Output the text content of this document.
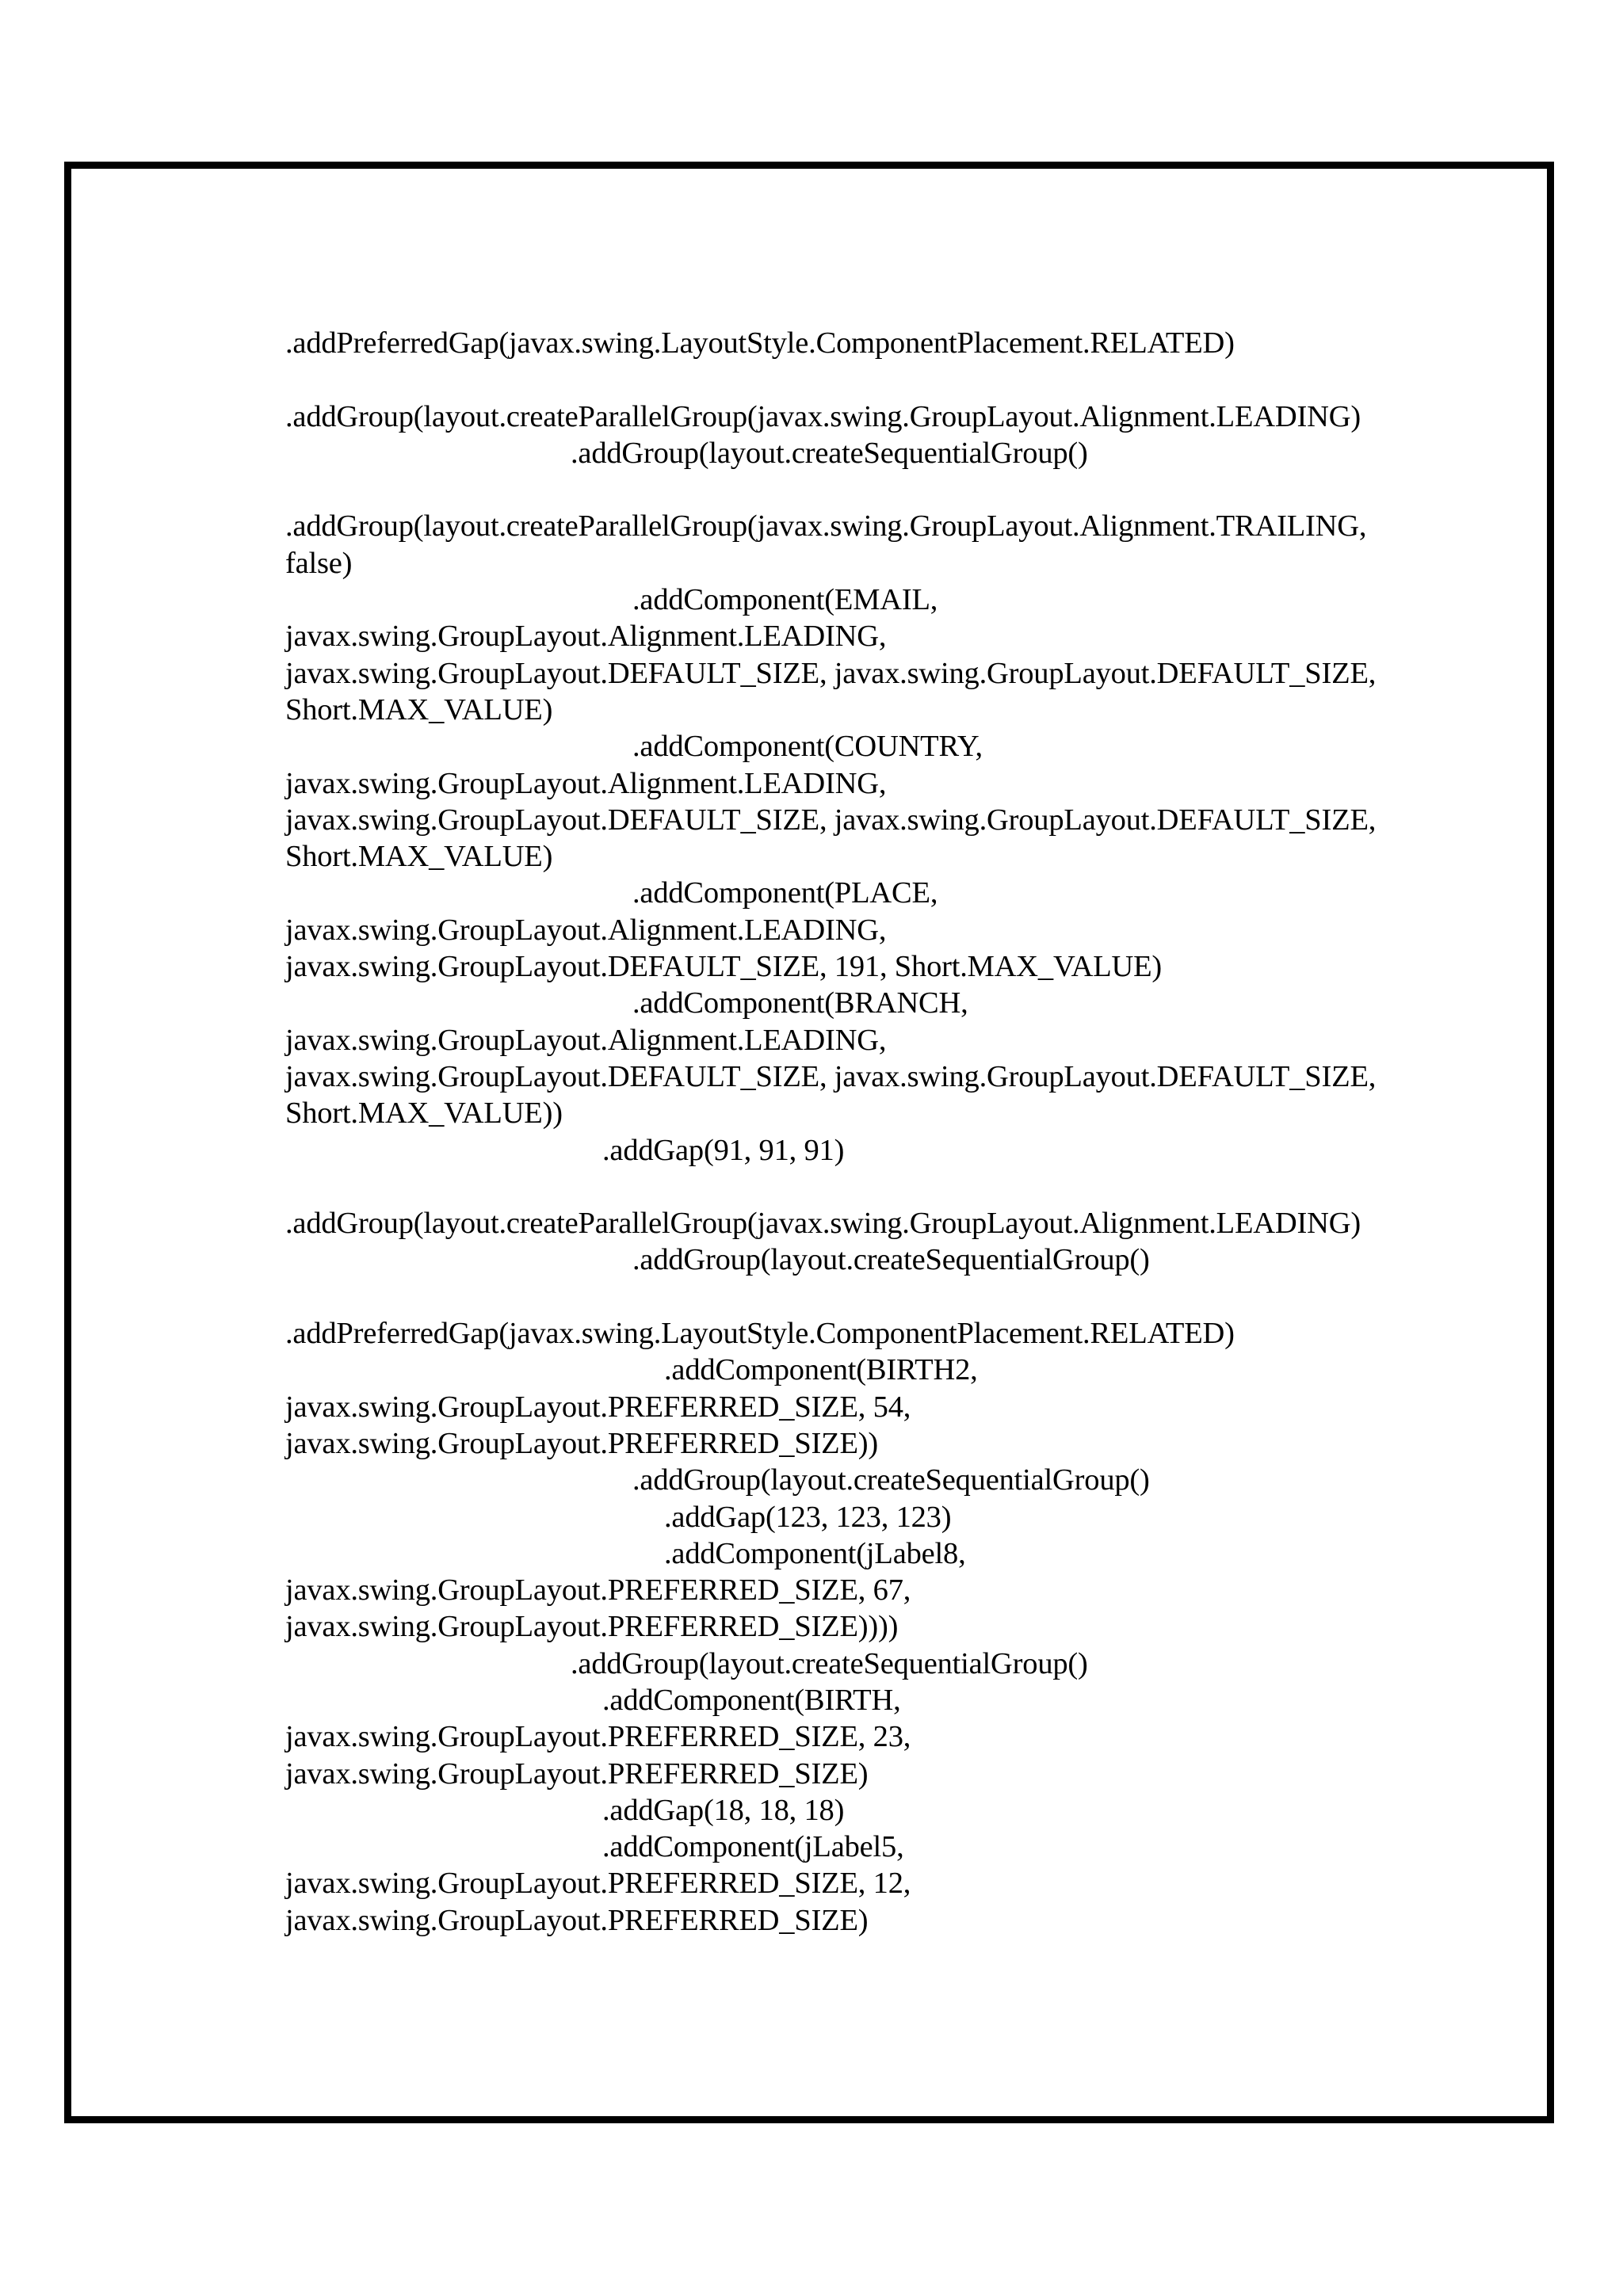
.addPreferredGap(javax.swing.LayoutStyle.ComponentPlacement.RELATED)
.addGroup(layout.createParallelGroup(javax.swing.GroupLayout.Alignment.LEADING)
.addGroup(layout.createSequentialGroup()
.addGroup(layout.createParallelGroup(javax.swing.GroupLayout.Alignment.TRAILING,
false)
.addComponent(EMAIL,
javax.swing.GroupLayout.Alignment.LEADING,
javax.swing.GroupLayout.DEFAULT_SIZE, javax.swing.GroupLayout.DEFAULT_SIZE,
Short.MAX_VALUE)
.addComponent(COUNTRY,
javax.swing.GroupLayout.Alignment.LEADING,
javax.swing.GroupLayout.DEFAULT_SIZE, javax.swing.GroupLayout.DEFAULT_SIZE,
Short.MAX_VALUE)
.addComponent(PLACE,
javax.swing.GroupLayout.Alignment.LEADING,
javax.swing.GroupLayout.DEFAULT_SIZE, 191, Short.MAX_VALUE)
.addComponent(BRANCH,
javax.swing.GroupLayout.Alignment.LEADING,
javax.swing.GroupLayout.DEFAULT_SIZE, javax.swing.GroupLayout.DEFAULT_SIZE,
Short.MAX_VALUE))
.addGap(91, 91, 91)
.addGroup(layout.createParallelGroup(javax.swing.GroupLayout.Alignment.LEADING)
.addGroup(layout.createSequentialGroup()
.addPreferredGap(javax.swing.LayoutStyle.ComponentPlacement.RELATED)
.addComponent(BIRTH2,
javax.swing.GroupLayout.PREFERRED_SIZE, 54,
javax.swing.GroupLayout.PREFERRED_SIZE))
.addGroup(layout.createSequentialGroup()
.addGap(123, 123, 123)
.addComponent(jLabel8,
javax.swing.GroupLayout.PREFERRED_SIZE, 67,
javax.swing.GroupLayout.PREFERRED_SIZE))))
.addGroup(layout.createSequentialGroup()
.addComponent(BIRTH,
javax.swing.GroupLayout.PREFERRED_SIZE, 23,
javax.swing.GroupLayout.PREFERRED_SIZE)
.addGap(18, 18, 18)
.addComponent(jLabel5,
javax.swing.GroupLayout.PREFERRED_SIZE, 12,
javax.swing.GroupLayout.PREFERRED_SIZE)
